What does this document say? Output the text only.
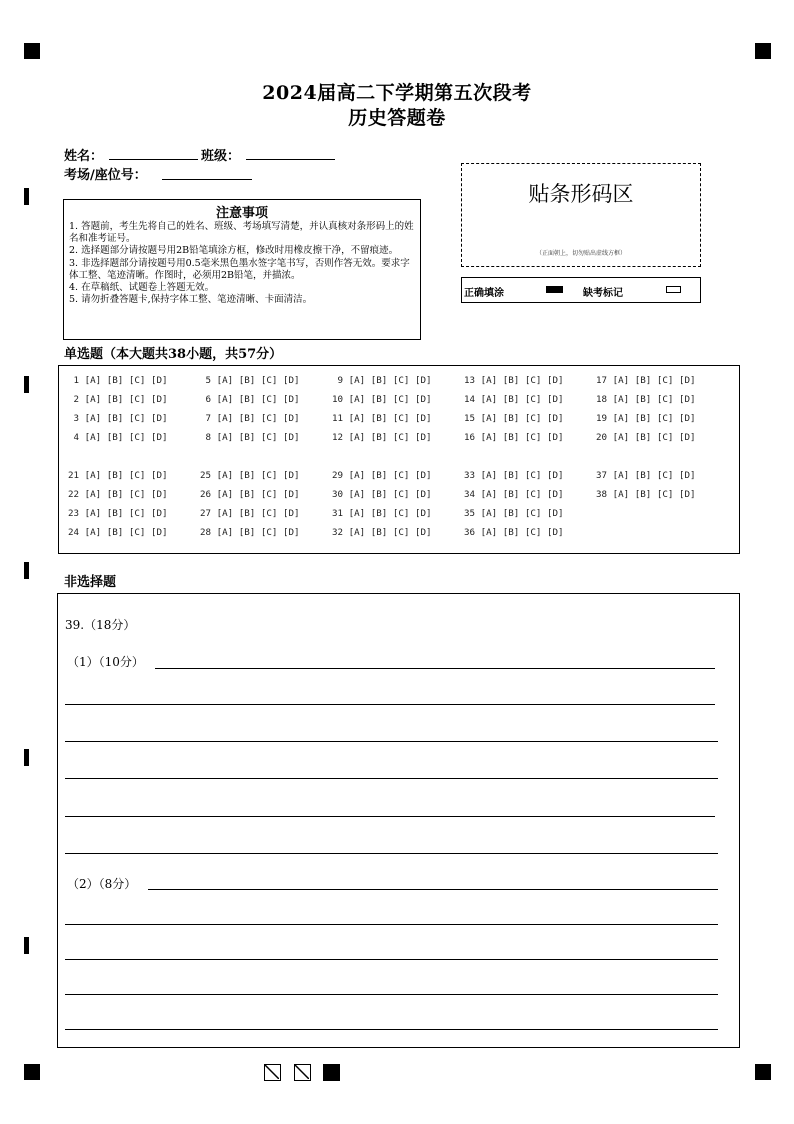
2024届高二下学期第五次段考
历史答题卷
姓名：	班级：
考场/座位号：
注意事项
1. 答题前，考生先将自己的姓名、班级、考场填写清楚，并认真核对条形码上的姓名和准考证号。
2. 选择题部分请按题号用2B铅笔填涂方框，修改时用橡皮擦干净，不留痕迹。
3. 非选择题部分请按题号用0.5毫米黑色墨水签字笔书写，否则作答无效。要求字体工整、笔迹清晰。作图时，必须用2B铅笔，并描浓。
4. 在草稿纸、试题卷上答题无效。
5. 请勿折叠答题卡,保持字体工整、笔迹清晰、卡面清洁。
贴条形码区
（正面朝上，切勿贴出虚线方框）
正确填涂	缺考标记
单选题（本大题共38小题，共57分）
1 [A] [B] [C] [D]
2 [A] [B] [C] [D]
3 [A] [B] [C] [D]
4 [A] [B] [C] [D]
5 [A] [B] [C] [D]
6 [A] [B] [C] [D]
7 [A] [B] [C] [D]
8 [A] [B] [C] [D]
9 [A] [B] [C] [D]
10 [A] [B] [C] [D]
11 [A] [B] [C] [D]
12 [A] [B] [C] [D]
13 [A] [B] [C] [D]
14 [A] [B] [C] [D]
15 [A] [B] [C] [D]
16 [A] [B] [C] [D]
17 [A] [B] [C] [D]
18 [A] [B] [C] [D]
19 [A] [B] [C] [D]
20 [A] [B] [C] [D]
21 [A] [B] [C] [D]
22 [A] [B] [C] [D]
23 [A] [B] [C] [D]
24 [A] [B] [C] [D]
25 [A] [B] [C] [D]
26 [A] [B] [C] [D]
27 [A] [B] [C] [D]
28 [A] [B] [C] [D]
29 [A] [B] [C] [D]
30 [A] [B] [C] [D]
31 [A] [B] [C] [D]
32 [A] [B] [C] [D]
33 [A] [B] [C] [D]
34 [A] [B] [C] [D]
35 [A] [B] [C] [D]
36 [A] [B] [C] [D]
37 [A] [B] [C] [D]
38 [A] [B] [C] [D]
非选择题
39.（18分）
（1）（10分）
（2）（8分）
